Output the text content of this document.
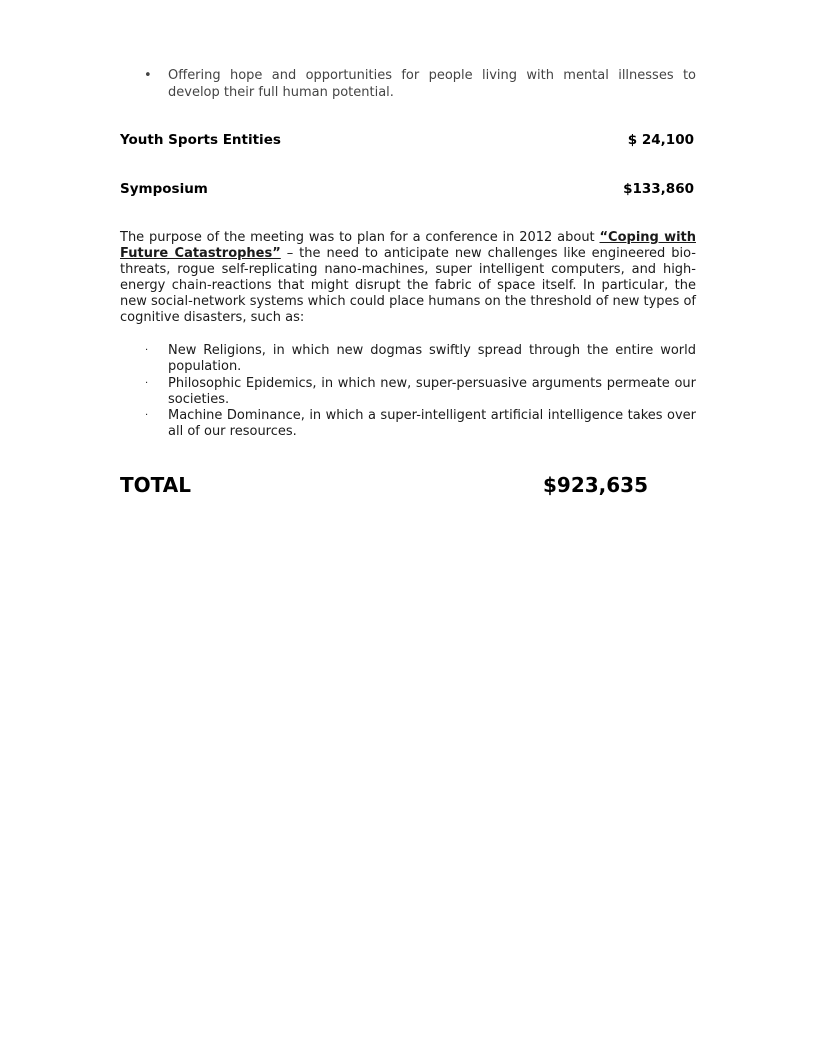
• Offering hope and opportunities for people living with mental illnesses to develop their full human potential.
Youth Sports Entities	$ 24,100
Symposium	$133,860
The purpose of the meeting was to plan for a conference in 2012 about “Coping with Future Catastrophes” – the need to anticipate new challenges like engineered bio-threats, rogue self-replicating nano-machines, super intelligent computers, and high-energy chain-reactions that might disrupt the fabric of space itself. In particular, the new social-network systems which could place humans on the threshold of new types of cognitive disasters, such as:
· New Religions, in which new dogmas swiftly spread through the entire world population.
· Philosophic Epidemics, in which new, super-persuasive arguments permeate our societies.
· Machine Dominance, in which a super-intelligent artificial intelligence takes over all of our resources.
TOTAL	$923,635
